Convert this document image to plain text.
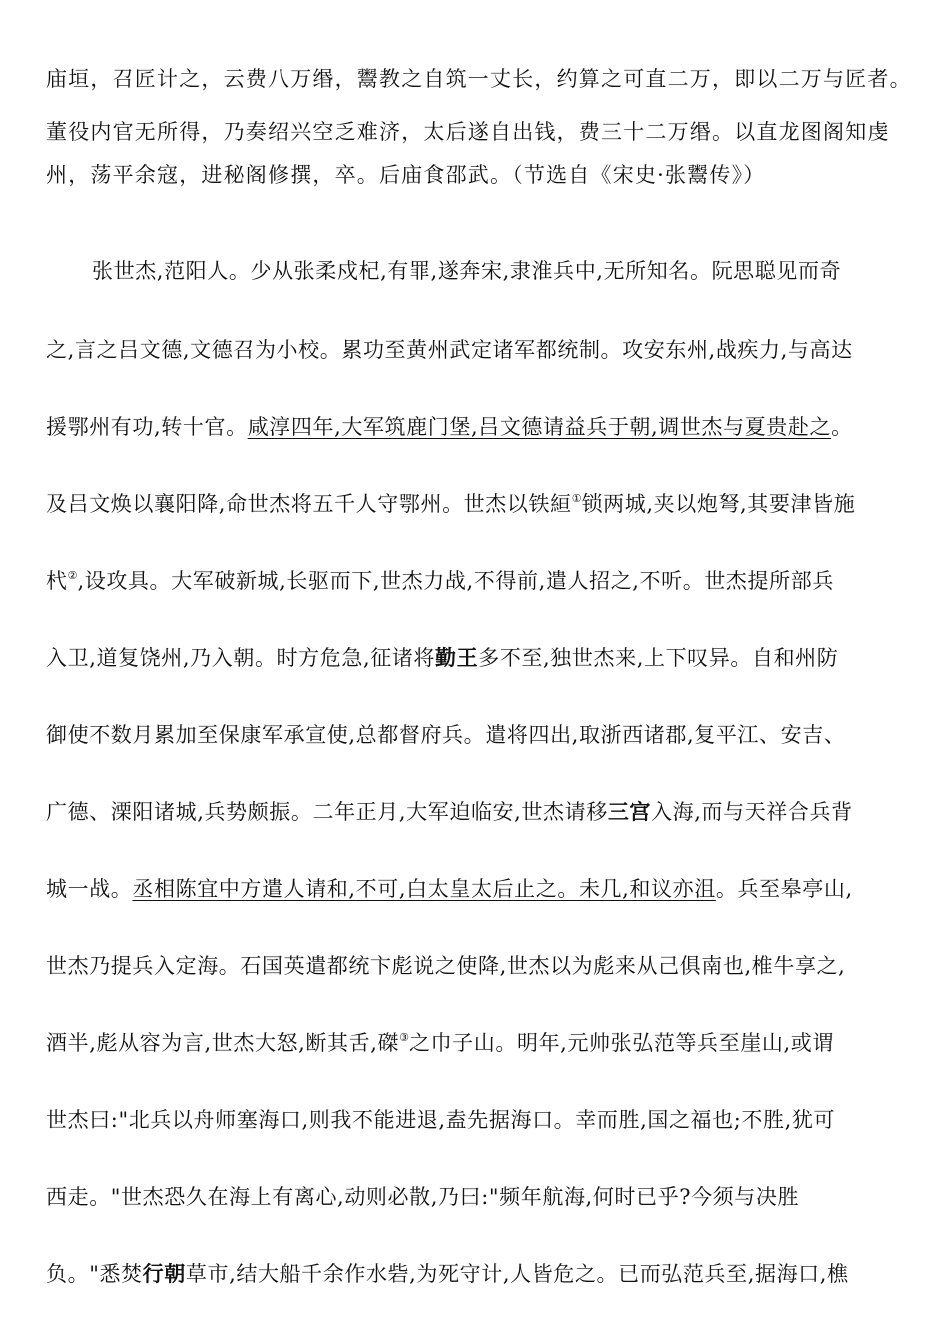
庙垣，召匠计之，云费八万缗，鬻教之自筑一丈长，约算之可直二万，即以二万与匠者。
董役内官无所得，乃奏绍兴空乏难济，太后遂自出钱，费三十二万缗。以直龙图阁知虔
州，荡平余寇，进秘阁修撰，卒。后庙食邵武。（节选自《宋史·张鬻传》）
张世杰,范阳人。少从张柔戍杞,有罪,遂奔宋,隶淮兵中,无所知名。阮思聪见而奇
之,言之吕文德,文德召为小校。累功至黄州武定诸军都统制。攻安东州,战疾力,与高达
援鄂州有功,转十官。咸淳四年,大军筑鹿门堡,吕文德请益兵于朝,调世杰与夏贵赴之。
及吕文焕以襄阳降,命世杰将五千人守鄂州。世杰以铁絙①锁两城,夹以炮弩,其要津皆施
杙②,设攻具。大军破新城,长驱而下,世杰力战,不得前,遣人招之,不听。世杰提所部兵
入卫,道复饶州,乃入朝。时方危急,征诸将勤王多不至,独世杰来,上下叹异。自和州防
御使不数月累加至保康军承宣使,总都督府兵。遣将四出,取浙西诸郡,复平江、安吉、
广德、溧阳诸城,兵势颇振。二年正月,大军迫临安,世杰请移三宫入海,而与天祥合兵背
城一战。丞相陈宜中方遣人请和,不可,白太皇太后止之。未几,和议亦沮。兵至皋亭山,
世杰乃提兵入定海。石国英遣都统卞彪说之使降,世杰以为彪来从己俱南也,椎牛享之,
酒半,彪从容为言,世杰大怒,断其舌,磔③之巾子山。明年,元帅张弘范等兵至崖山,或谓
世杰曰:"北兵以舟师塞海口,则我不能进退,盍先据海口。幸而胜,国之福也;不胜,犹可
西走。"世杰恐久在海上有离心,动则必散,乃曰:"频年航海,何时已乎?今须与决胜
负。"悉焚行朝草市,结大船千余作水砦,为死守计,人皆危之。已而弘范兵至,据海口,樵
